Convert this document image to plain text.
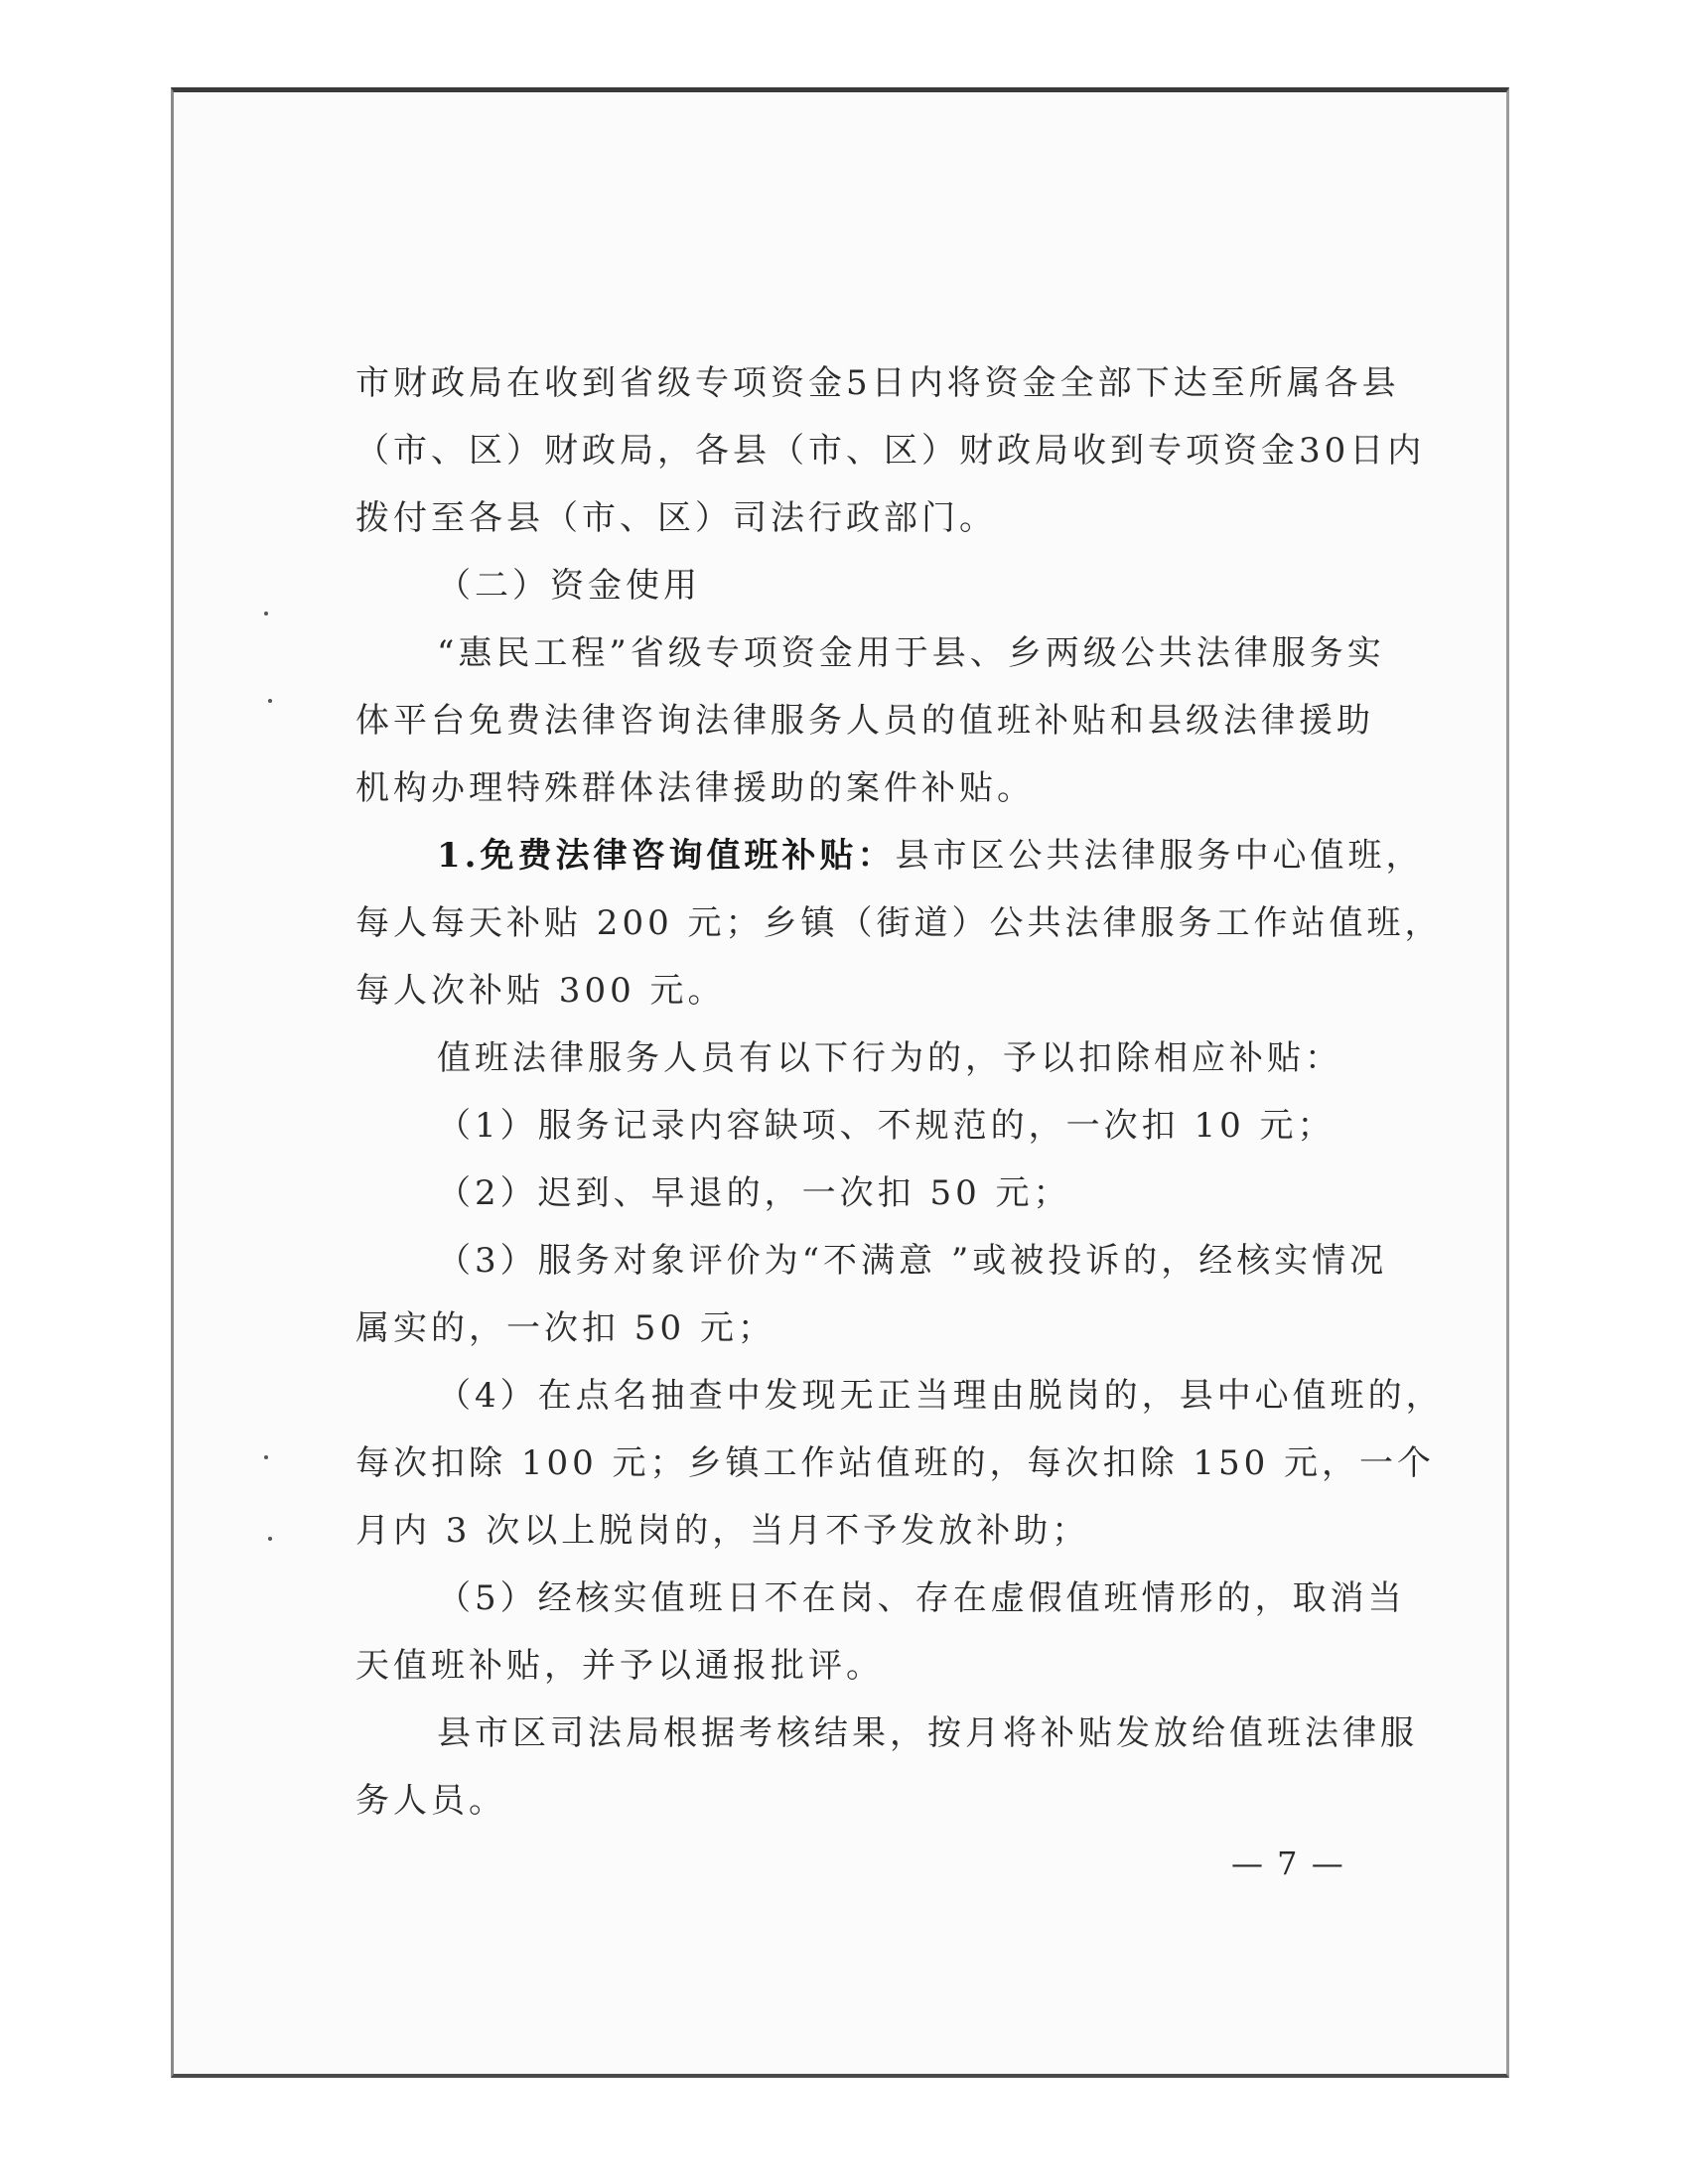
市财政局在收到省级专项资金5日内将资金全部下达至所属各县
（市、区）财政局，各县（市、区）财政局收到专项资金30日内
拨付至各县（市、区）司法行政部门。
（二）资金使用
“惠民工程”省级专项资金用于县、乡两级公共法律服务实
体平台免费法律咨询法律服务人员的值班补贴和县级法律援助
机构办理特殊群体法律援助的案件补贴。
1.免费法律咨询值班补贴：县市区公共法律服务中心值班，
每人每天补贴 200 元；乡镇（街道）公共法律服务工作站值班，
每人次补贴 300 元。
值班法律服务人员有以下行为的，予以扣除相应补贴：
（1）服务记录内容缺项、不规范的，一次扣 10 元；
（2）迟到、早退的，一次扣 50 元；
（3）服务对象评价为“不满意 ”或被投诉的，经核实情况
属实的，一次扣 50 元；
（4）在点名抽查中发现无正当理由脱岗的，县中心值班的，
每次扣除 100 元；乡镇工作站值班的，每次扣除 150 元，一个
月内 3 次以上脱岗的，当月不予发放补助；
（5）经核实值班日不在岗、存在虚假值班情形的，取消当
天值班补贴，并予以通报批评。
县市区司法局根据考核结果，按月将补贴发放给值班法律服
务人员。
— 7 —
